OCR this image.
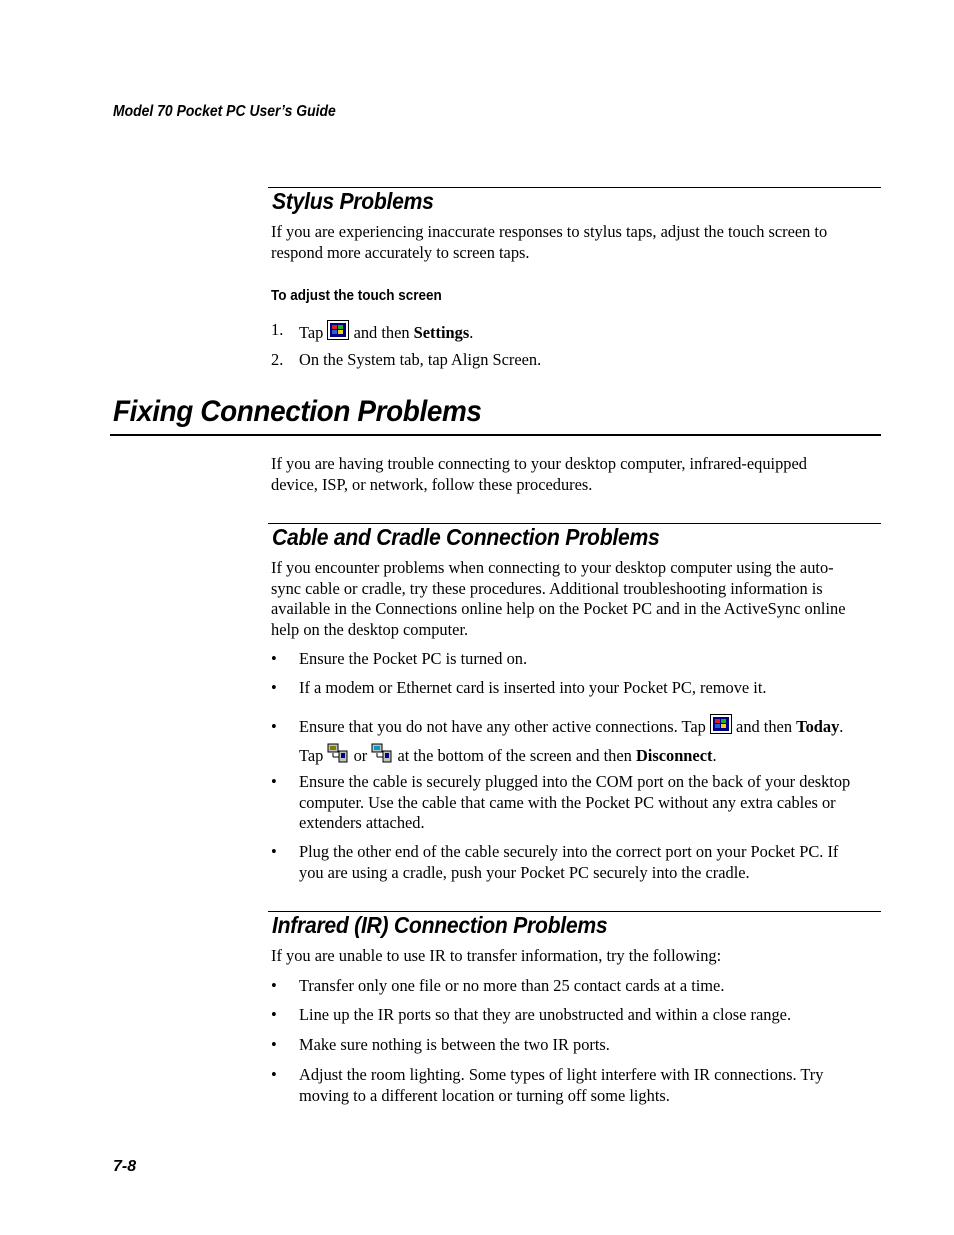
Model 70 Pocket PC User’s Guide
Stylus Problems
If you are experiencing inaccurate responses to stylus taps, adjust the touch screen to
respond more accurately to screen taps.
To adjust the touch screen
1. Tap and then Settings.
2. On the System tab, tap Align Screen.
Fixing Connection Problems
If you are having trouble connecting to your desktop computer, infrared-equipped
device, ISP, or network, follow these procedures.
Cable and Cradle Connection Problems
If you encounter problems when connecting to your desktop computer using the auto-
sync cable or cradle, try these procedures. Additional troubleshooting information is
available in the Connections online help on the Pocket PC and in the ActiveSync online
help on the desktop computer.
•	Ensure the Pocket PC is turned on.
•	If a modem or Ethernet card is inserted into your Pocket PC, remove it.
•	Ensure that you do not have any other active connections. Tap and then Today.
Tap or at the bottom of the screen and then Disconnect.
•	Ensure the cable is securely plugged into the COM port on the back of your desktop
computer. Use the cable that came with the Pocket PC without any extra cables or
extenders attached.
•	Plug the other end of the cable securely into the correct port on your Pocket PC. If
you are using a cradle, push your Pocket PC securely into the cradle.
Infrared (IR) Connection Problems
If you are unable to use IR to transfer information, try the following:
•	Transfer only one file or no more than 25 contact cards at a time.
•	Line up the IR ports so that they are unobstructed and within a close range.
•	Make sure nothing is between the two IR ports.
•	Adjust the room lighting. Some types of light interfere with IR connections. Try
moving to a different location or turning off some lights.
7-8
